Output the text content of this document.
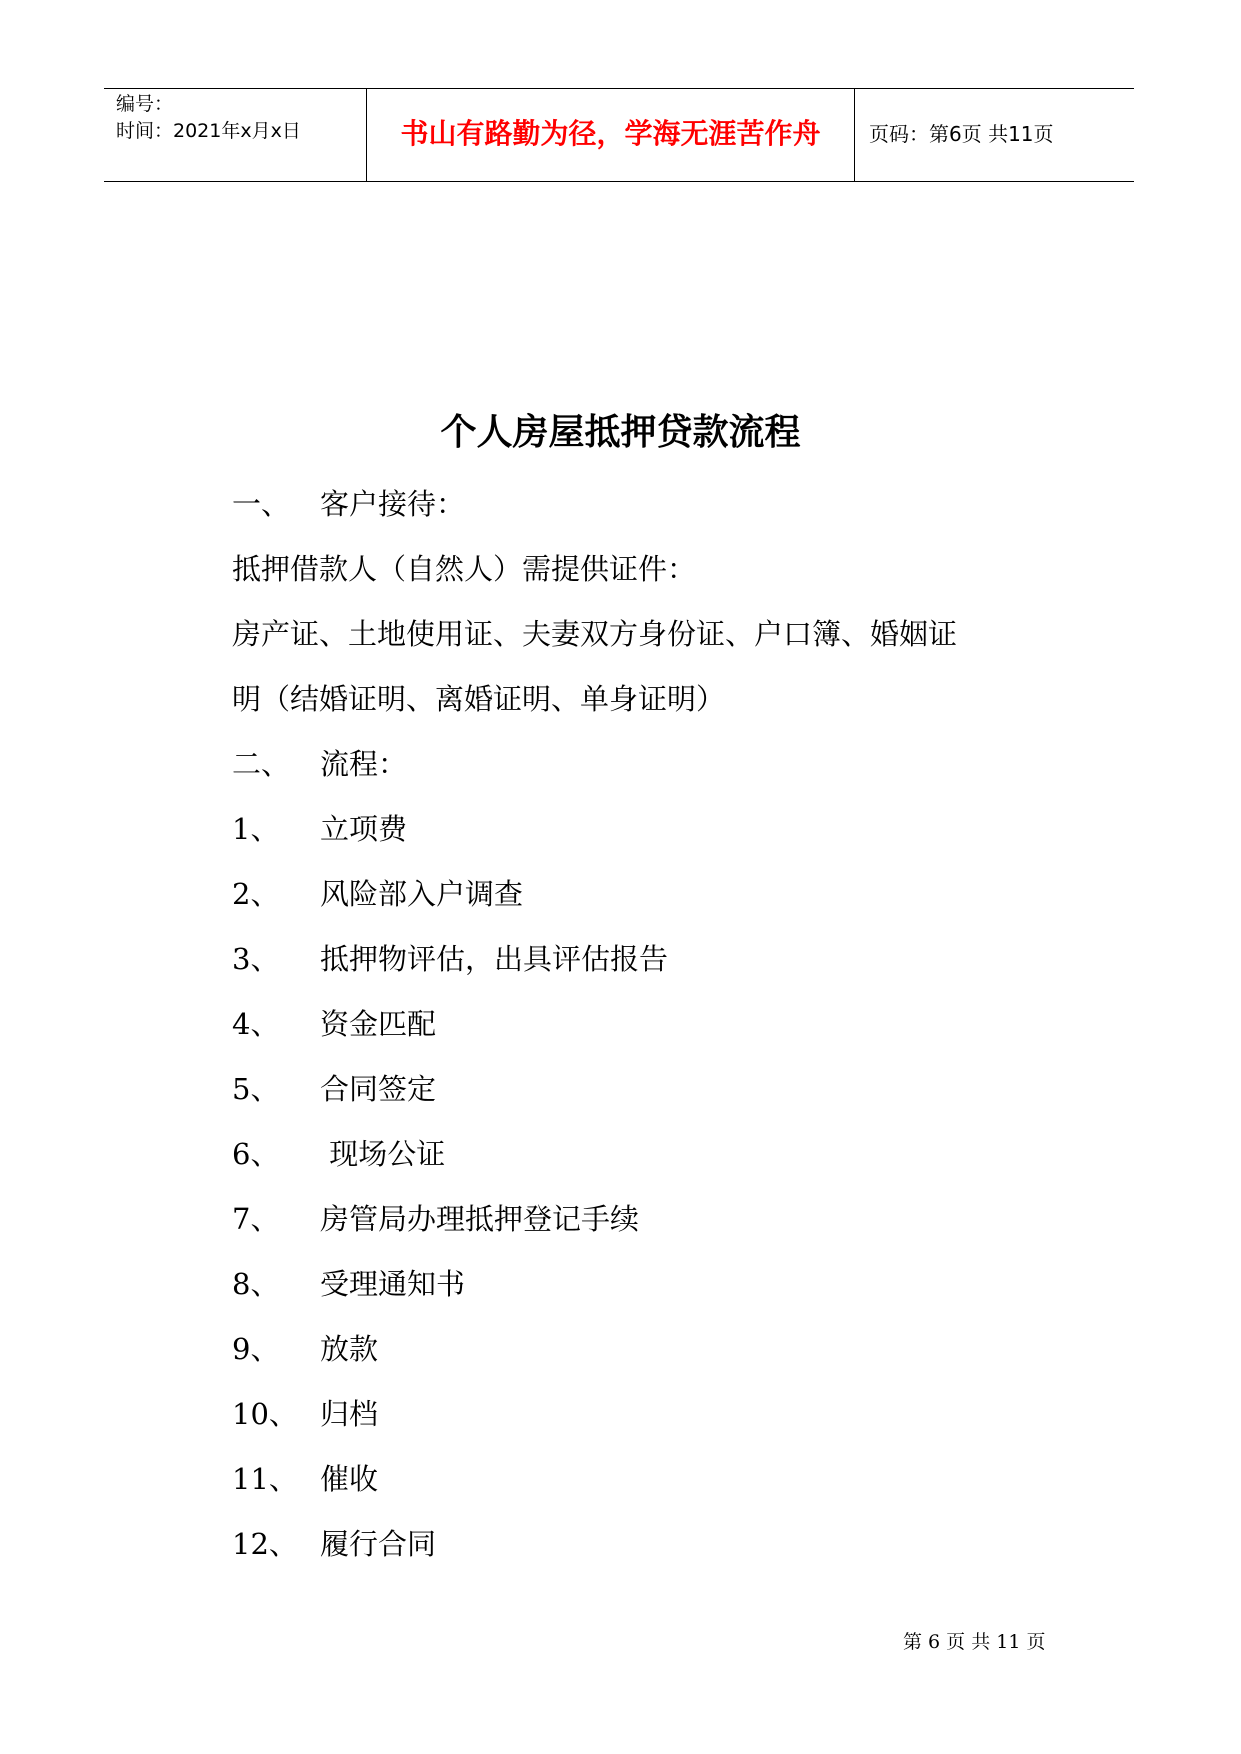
编号：
时间：2021年x月x日	书山有路勤为径，学海无涯苦作舟	页码：第6页 共11页
个人房屋抵押贷款流程
一、 客户接待：
抵押借款人（自然人）需提供证件：
房产证、土地使用证、夫妻双方身份证、户口簿、婚姻证
明（结婚证明、离婚证明、单身证明）
二、 流程：
1、 立项费
2、 风险部入户调查
3、 抵押物评估，出具评估报告
4、 资金匹配
5、 合同签定
6、 现场公证
7、 房管局办理抵押登记手续
8、 受理通知书
9、 放款
10、 归档
11、 催收
12、 履行合同
第 6 页 共 11 页
